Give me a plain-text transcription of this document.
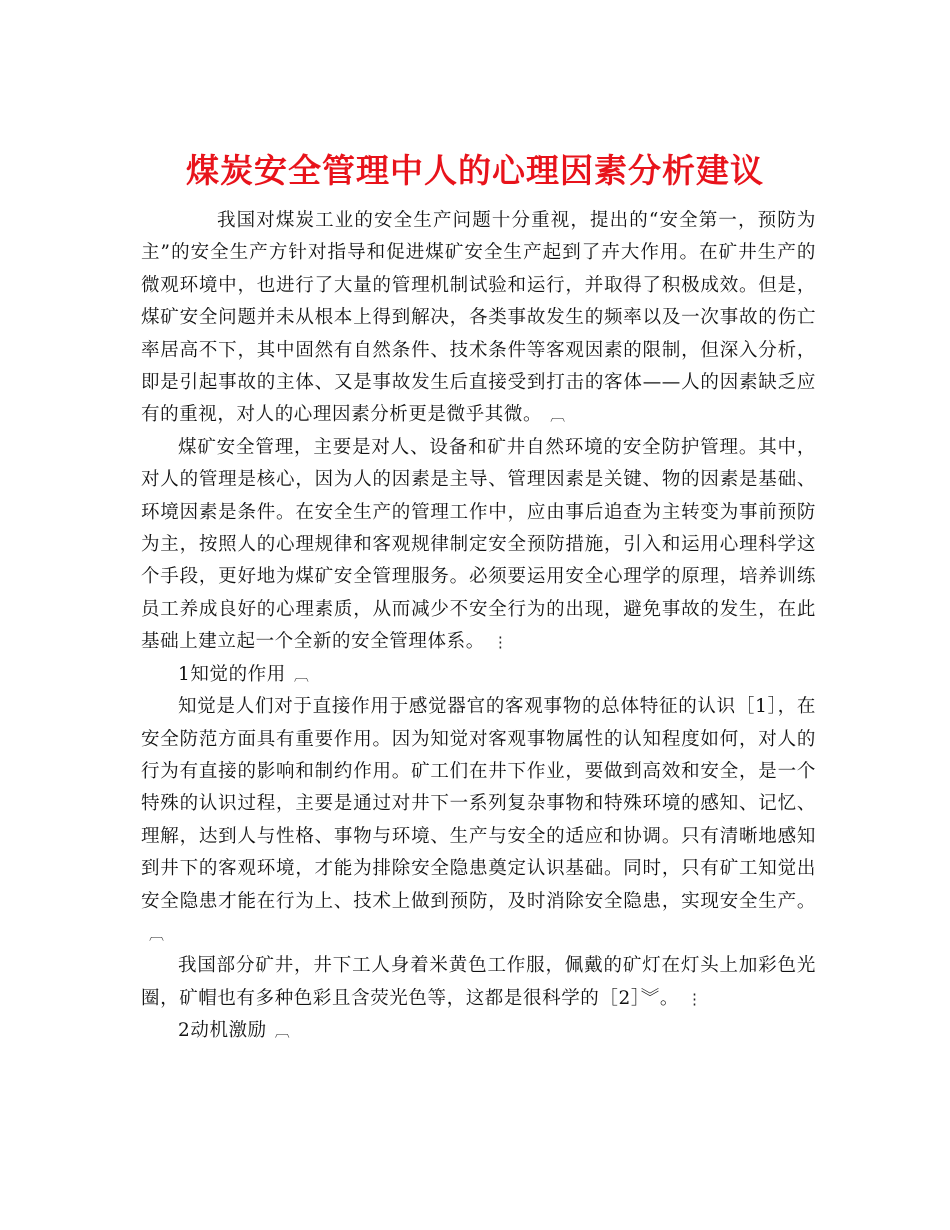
煤炭安全管理中人的心理因素分析建议

我国对煤炭工业的安全生产问题十分重视，提出的“安全第一，预防为主”的安全生产方针对指导和促进煤矿安全生产起到了卉大作用。在矿井生产的微观环境中，也进行了大量的管理机制试验和运行，并取得了积极成效。但是，煤矿安全问题并未从根本上得到解决，各类事故发生的频率以及一次事故的伤亡率居高不下，其中固然有自然条件、技术条件等客观因素的限制，但深入分析，即是引起事故的主体、又是事故发生后直接受到打击的客体——人的因素缺乏应有的重视，对人的心理因素分析更是微乎其微。 ︹

煤矿安全管理，主要是对人、设备和矿井自然环境的安全防护管理。其中，对人的管理是核心，因为人的因素是主导、管理因素是关键、物的因素是基础、环境因素是条件。在安全生产的管理工作中，应由事后追查为主转变为事前预防为主，按照人的心理规律和客观规律制定安全预防措施，引入和运用心理科学这个手段，更好地为煤矿安全管理服务。必须要运用安全心理学的原理，培养训练员工养成良好的心理素质，从而减少不安全行为的出现，避免事故的发生，在此基础上建立起一个全新的安全管理体系。 ⋮

1知觉的作用 ︹

知觉是人们对于直接作用于感觉器官的客观事物的总体特征的认识［1］，在安全防范方面具有重要作用。因为知觉对客观事物属性的认知程度如何，对人的行为有直接的影响和制约作用。矿工们在井下作业，要做到高效和安全，是一个特殊的认识过程，主要是通过对井下一系列复杂事物和特殊环境的感知、记忆、理解，达到人与性格、事物与环境、生产与安全的适应和协调。只有清晰地感知到井下的客观环境，才能为排除安全隐患奠定认识基础。同时，只有矿工知觉出安全隐患才能在行为上、技术上做到预防，及时消除安全隐患，实现安全生产。︹

我国部分矿井，井下工人身着米黄色工作服，佩戴的矿灯在灯头上加彩色光圈，矿帽也有多种色彩且含荧光色等，这都是很科学的［2］︾。 ⋮

2动机激励 ︹
